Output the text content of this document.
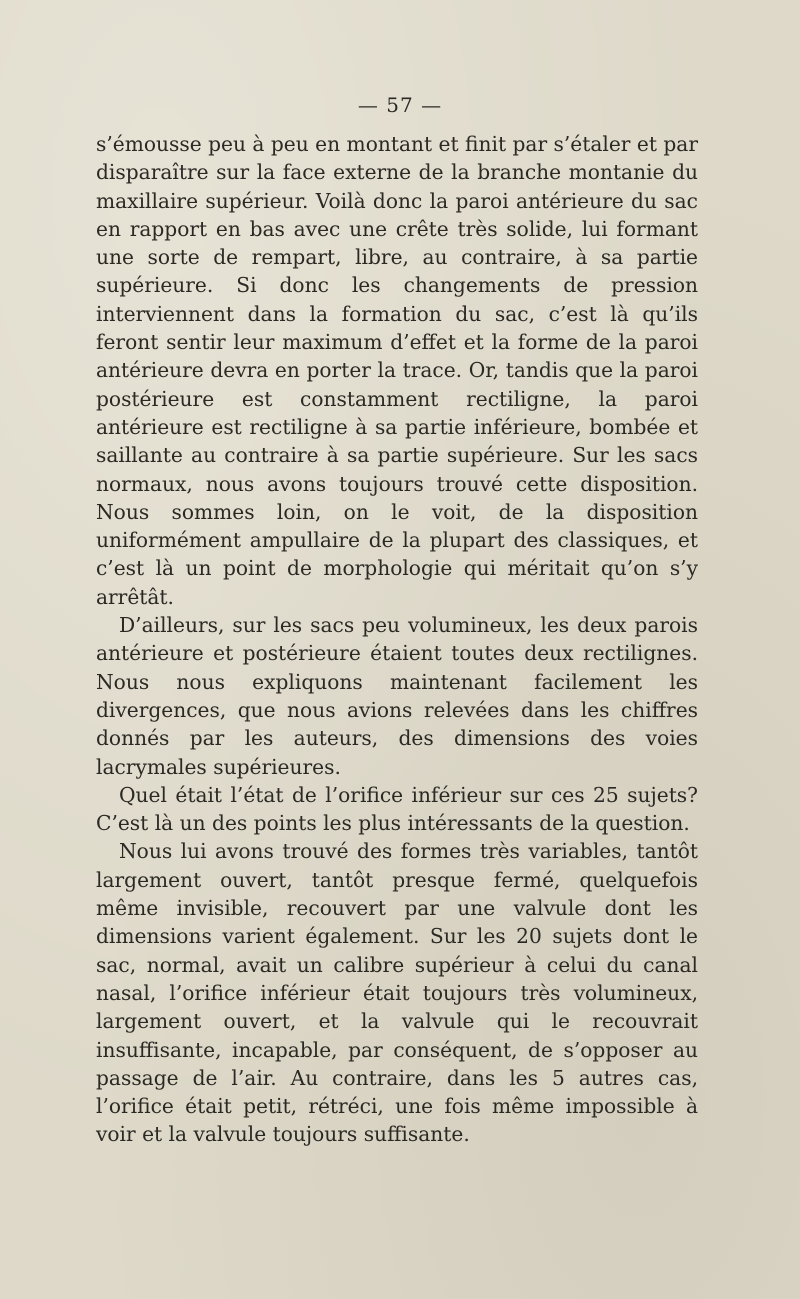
— 57 —

s’émousse peu à peu en montant et finit par s’étaler et par disparaître sur la face externe de la branche montanie du maxillaire supérieur. Voilà donc la paroi antérieure du sac en rapport en bas avec une crête très solide, lui formant une sorte de rempart, libre, au contraire, à sa partie supérieure. Si donc les changements de pression interviennent dans la formation du sac, c’est là qu’ils feront sentir leur maximum d’effet et la forme de la paroi antérieure devra en porter la trace. Or, tandis que la paroi postérieure est constamment rectiligne, la paroi antérieure est rectiligne à sa partie inférieure, bombée et saillante au contraire à sa partie supérieure. Sur les sacs normaux, nous avons toujours trouvé cette disposition. Nous sommes loin, on le voit, de la disposition uniformément ampullaire de la plupart des classiques, et c’est là un point de morphologie qui méritait qu’on s’y arrêtât.

D’ailleurs, sur les sacs peu volumineux, les deux parois antérieure et postérieure étaient toutes deux rectilignes. Nous nous expliquons maintenant facilement les divergences, que nous avions relevées dans les chiffres donnés par les auteurs, des dimensions des voies lacrymales supérieures.

Quel était l’état de l’orifice inférieur sur ces 25 sujets? C’est là un des points les plus intéressants de la question.

Nous lui avons trouvé des formes très variables, tantôt largement ouvert, tantôt presque fermé, quelquefois même invisible, recouvert par une valvule dont les dimensions varient également. Sur les 20 sujets dont le sac, normal, avait un calibre supérieur à celui du canal nasal, l’orifice inférieur était toujours très volumineux, largement ouvert, et la valvule qui le recouvrait insuffisante, incapable, par conséquent, de s’opposer au passage de l’air. Au contraire, dans les 5 autres cas, l’orifice était petit, rétréci, une fois même impossible à voir et la valvule toujours suffisante.
